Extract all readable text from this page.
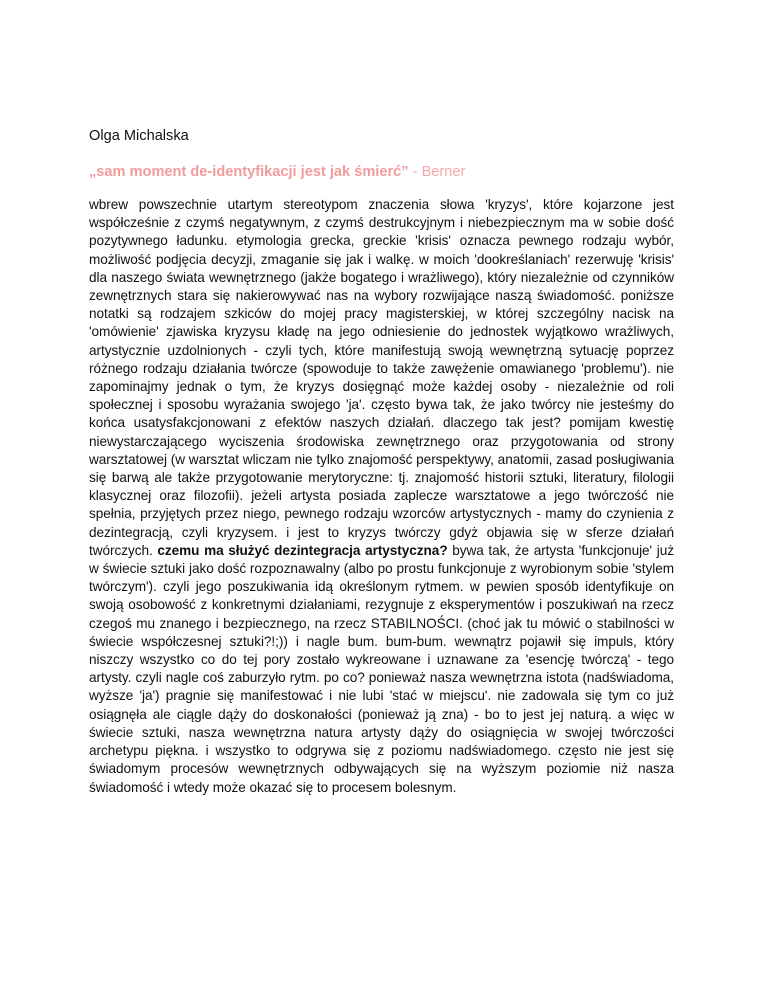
Olga Michalska

„sam moment de-identyfikacji jest jak śmierć” - Berner

wbrew powszechnie utartym stereotypom znaczenia słowa 'kryzys', które kojarzone jest współcześnie z czymś negatywnym, z czymś destrukcyjnym i niebezpiecznym ma w sobie dość pozytywnego ładunku. etymologia grecka, greckie 'krisis' oznacza pewnego rodzaju wybór, możliwość podjęcia decyzji, zmaganie się jak i walkę. w moich 'dookreślaniach' rezerwuję 'krisis' dla naszego świata wewnętrznego (jakże bogatego i wrażliwego), który niezależnie od czynników zewnętrznych stara się nakierowywać nas na wybory rozwijające naszą świadomość. poniższe notatki są rodzajem szkiców do mojej pracy magisterskiej, w której szczególny nacisk na 'omówienie' zjawiska kryzysu kładę na jego odniesienie do jednostek wyjątkowo wrażliwych, artystycznie uzdolnionych - czyli tych, które manifestują swoją wewnętrzną sytuację poprzez różnego rodzaju działania twórcze (spowoduje to także zawężenie omawianego 'problemu'). nie zapominajmy jednak o tym, że kryzys dosięgnąć może każdej osoby - niezależnie od roli społecznej i sposobu wyrażania swojego 'ja'. często bywa tak, że jako twórcy nie jesteśmy do końca usatysfakcjonowani z efektów naszych działań. dlaczego tak jest? pomijam kwestię niewystarczającego wyciszenia środowiska zewnętrznego oraz przygotowania od strony warsztatowej (w warsztat wliczam nie tylko znajomość perspektywy, anatomii, zasad posługiwania się barwą ale także przygotowanie merytoryczne: tj. znajomość historii sztuki, literatury, filologii klasycznej oraz filozofii). jeżeli artysta posiada zaplecze warsztatowe a jego twórczość nie spełnia, przyjętych przez niego, pewnego rodzaju wzorców artystycznych - mamy do czynienia z dezintegracją, czyli kryzysem. i jest to kryzys twórczy gdyż objawia się w sferze działań twórczych. czemu ma służyć dezintegracja artystyczna? bywa tak, że artysta 'funkcjonuje' już w świecie sztuki jako dość rozpoznawalny (albo po prostu funkcjonuje z wyrobionym sobie 'stylem twórczym'). czyli jego poszukiwania idą określonym rytmem. w pewien sposób identyfikuje on swoją osobowość z konkretnymi działaniami, rezygnuje z eksperymentów i poszukiwań na rzecz czegoś mu znanego i bezpiecznego, na rzecz STABILNOŚCI. (choć jak tu mówić o stabilności w świecie współczesnej sztuki?!;)) i nagle bum. bum-bum. wewnątrz pojawił się impuls, który niszczy wszystko co do tej pory zostało wykreowane i uznawane za 'esencję twórczą' - tego artysty. czyli nagle coś zaburzyło rytm. po co? ponieważ nasza wewnętrzna istota (nadświadoma, wyższe 'ja') pragnie się manifestować i nie lubi 'stać w miejscu'. nie zadowala się tym co już osiągnęła ale ciągle dąży do doskonałości (ponieważ ją zna) - bo to jest jej naturą. a więc w świecie sztuki, nasza wewnętrzna natura artysty dąży do osiągnięcia w swojej twórczości archetypu piękna. i wszystko to odgrywa się z poziomu nadświadomego. często nie jest się świadomym procesów wewnętrznych odbywających się na wyższym poziomie niż nasza świadomość i wtedy może okazać się to procesem bolesnym.
